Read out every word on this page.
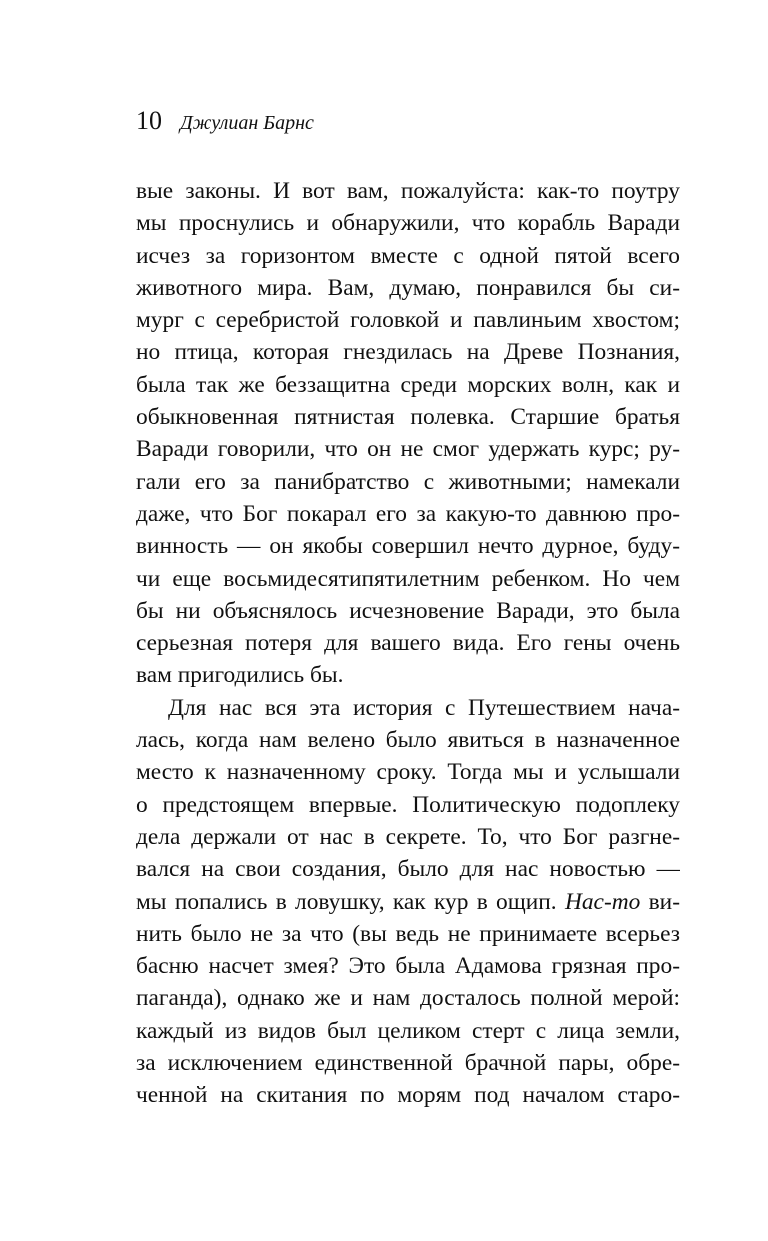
10 Джулиан Барнс
вые законы. И вот вам, пожалуйста: как-то поутру
мы проснулись и обнаружили, что корабль Варади
исчез за горизонтом вместе с одной пятой всего
животного мира. Вам, думаю, понравился бы си-
мург с серебристой головкой и павлиньим хвостом;
но птица, которая гнездилась на Древе Познания,
была так же беззащитна среди морских волн, как и
обыкновенная пятнистая полевка. Старшие братья
Варади говорили, что он не смог удержать курс; ру-
гали его за панибратство с животными; намекали
даже, что Бог покарал его за какую-то давнюю про-
винность — он якобы совершил нечто дурное, буду-
чи еще восьмидесятипятилетним ребенком. Но чем
бы ни объяснялось исчезновение Варади, это была
серьезная потеря для вашего вида. Его гены очень
вам пригодились бы.
Для нас вся эта история с Путешествием нача-
лась, когда нам велено было явиться в назначенное
место к назначенному сроку. Тогда мы и услышали
о предстоящем впервые. Политическую подоплеку
дела держали от нас в секрете. То, что Бог разгне-
вался на свои создания, было для нас новостью —
мы попались в ловушку, как кур в ощип. Нас-то ви-
нить было не за что (вы ведь не принимаете всерьез
басню насчет змея? Это была Адамова грязная про-
паганда), однако же и нам досталось полной мерой:
каждый из видов был целиком стерт с лица земли,
за исключением единственной брачной пары, обре-
ченной на скитания по морям под началом старо-
